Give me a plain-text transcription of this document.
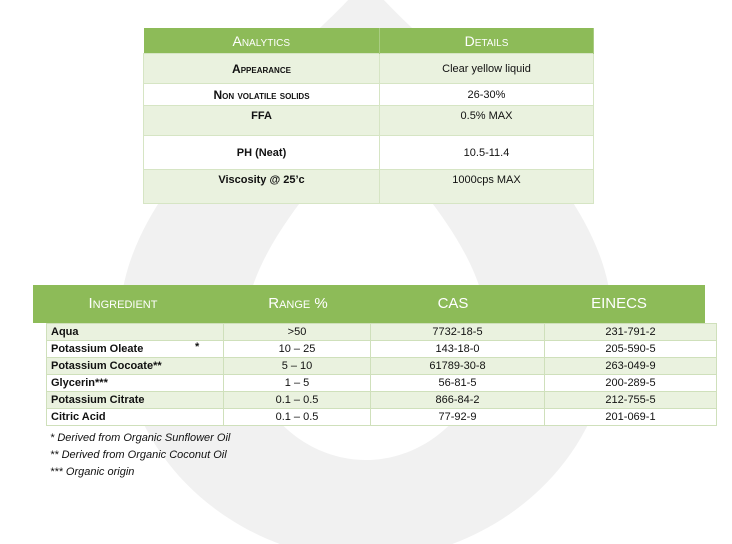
Analytics	Details
Appearance	Clear yellow liquid
Non volatile solids	26-30%
FFA	0.5% MAX
PH (Neat)	10.5-11.4
Viscosity @ 25’c	1000cps MAX
Ingredient	Range %	CAS	EINECS
Aqua	>50	7732-18-5	231-791-2
Potassium Oleate *	10 – 25	143-18-0	205-590-5
Potassium Cocoate**	5 – 10	61789-30-8	263-049-9
Glycerin***	1 – 5	56-81-5	200-289-5
Potassium Citrate	0.1 – 0.5	866-84-2	212-755-5
Citric Acid	0.1 – 0.5	77-92-9	201-069-1
* Derived from Organic Sunflower Oil
** Derived from Organic Coconut Oil
*** Organic origin
